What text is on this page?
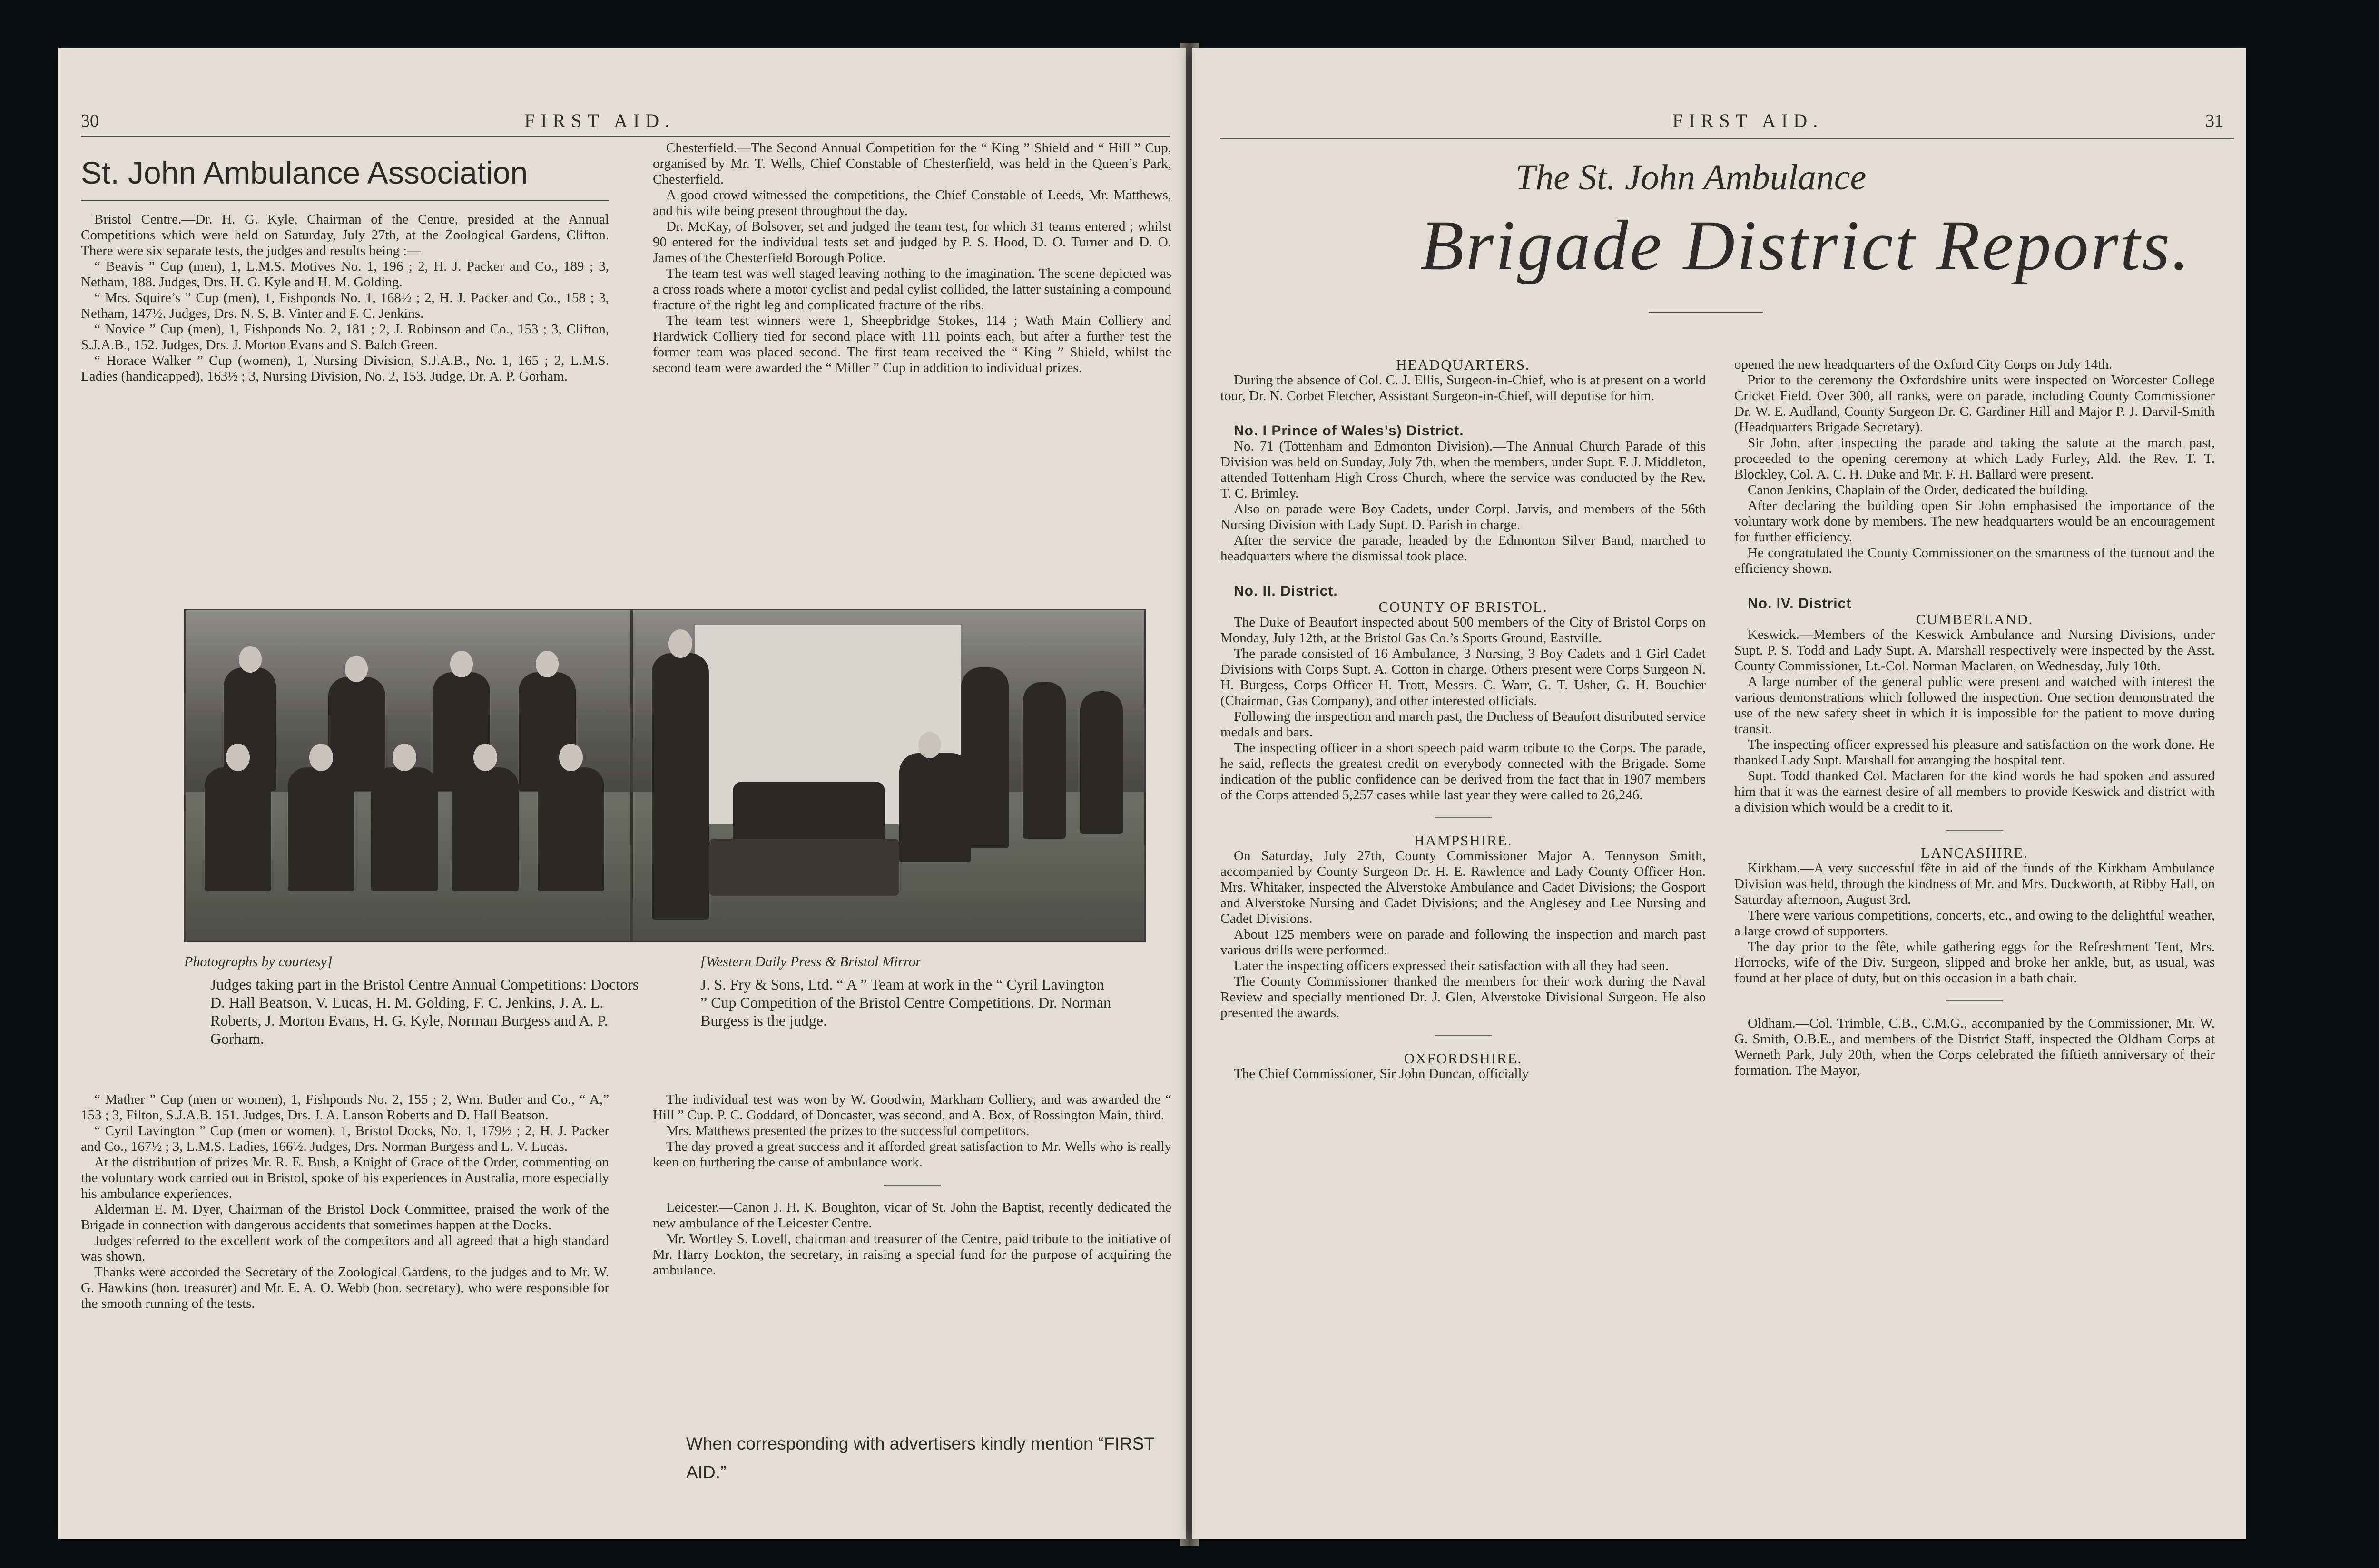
30	FIRST AID.
St. John Ambulance Association

Bristol Centre.—Dr. H. G. Kyle, Chairman of the Centre, presided at the Annual Competitions which were held on Saturday, July 27th, at the Zoological Gardens, Clifton. There were six separate tests, the judges and results being :—

“ Beavis ” Cup (men), 1, L.M.S. Motives No. 1, 196 ; 2, H. J. Packer and Co., 189 ; 3, Netham, 188. Judges, Drs. H. G. Kyle and H. M. Golding.

“ Mrs. Squire’s ” Cup (men), 1, Fishponds No. 1, 168½ ; 2, H. J. Packer and Co., 158 ; 3, Netham, 147½. Judges, Drs. N. S. B. Vinter and F. C. Jenkins.

“ Novice ” Cup (men), 1, Fishponds No. 2, 181 ; 2, J. Robinson and Co., 153 ; 3, Clifton, S.J.A.B., 152. Judges, Drs. J. Morton Evans and S. Balch Green.

“ Horace Walker ” Cup (women), 1, Nursing Division, S.J.A.B., No. 1, 165 ; 2, L.M.S. Ladies (handicapped), 163½ ; 3, Nursing Division, No. 2, 153. Judge, Dr. A. P. Gorham.

Chesterfield.—The Second Annual Competition for the “ King ” Shield and “ Hill ” Cup, organised by Mr. T. Wells, Chief Constable of Chesterfield, was held in the Queen’s Park, Chesterfield.

A good crowd witnessed the competitions, the Chief Constable of Leeds, Mr. Matthews, and his wife being present throughout the day.

Dr. McKay, of Bolsover, set and judged the team test, for which 31 teams entered ; whilst 90 entered for the individual tests set and judged by P. S. Hood, D. O. Turner and D. O. James of the Chesterfield Borough Police.

The team test was well staged leaving nothing to the imagination. The scene depicted was a cross roads where a motor cyclist and pedal cylist collided, the latter sustaining a compound fracture of the right leg and complicated fracture of the ribs.

The team test winners were 1, Sheepbridge Stokes, 114 ; Wath Main Colliery and Hardwick Colliery tied for second place with 111 points each, but after a further test the former team was placed second. The first team received the “ King ” Shield, whilst the second team were awarded the “ Miller ” Cup in addition to individual prizes.

Photographs by courtesy]	[Western Daily Press & Bristol Mirror
Judges taking part in the Bristol Centre Annual Competitions: Doctors D. Hall Beatson, V. Lucas, H. M. Golding, F. C. Jenkins, J. A. L. Roberts, J. Morton Evans, H. G. Kyle, Norman Burgess and A. P. Gorham.
J. S. Fry & Sons, Ltd. “ A ” Team at work in the “ Cyril Lavington ” Cup Competition of the Bristol Centre Competitions. Dr. Norman Burgess is the judge.

“ Mather ” Cup (men or women), 1, Fishponds No. 2, 155 ; 2, Wm. Butler and Co., “ A,” 153 ; 3, Filton, S.J.A.B. 151. Judges, Drs. J. A. Lanson Roberts and D. Hall Beatson.

“ Cyril Lavington ” Cup (men or women). 1, Bristol Docks, No. 1, 179½ ; 2, H. J. Packer and Co., 167½ ; 3, L.M.S. Ladies, 166½. Judges, Drs. Norman Burgess and L. V. Lucas.

At the distribution of prizes Mr. R. E. Bush, a Knight of Grace of the Order, commenting on the voluntary work carried out in Bristol, spoke of his experiences in Australia, more especially his ambulance experiences.

Alderman E. M. Dyer, Chairman of the Bristol Dock Committee, praised the work of the Brigade in connection with dangerous accidents that sometimes happen at the Docks.

Judges referred to the excellent work of the competitors and all agreed that a high standard was shown.

Thanks were accorded the Secretary of the Zoological Gardens, to the judges and to Mr. W. G. Hawkins (hon. treasurer) and Mr. E. A. O. Webb (hon. secretary), who were responsible for the smooth running of the tests.

The individual test was won by W. Goodwin, Markham Colliery, and was awarded the “ Hill ” Cup. P. C. Goddard, of Doncaster, was second, and A. Box, of Rossington Main, third.

Mrs. Matthews presented the prizes to the successful competitors.

The day proved a great success and it afforded great satisfaction to Mr. Wells who is really keen on furthering the cause of ambulance work.

Leicester.—Canon J. H. K. Boughton, vicar of St. John the Baptist, recently dedicated the new ambulance of the Leicester Centre.

Mr. Wortley S. Lovell, chairman and treasurer of the Centre, paid tribute to the initiative of Mr. Harry Lockton, the secretary, in raising a special fund for the purpose of acquiring the ambulance.

When corresponding with advertisers kindly mention “FIRST AID.”
FIRST AID.	31
The St. John Ambulance
Brigade District Reports.

HEADQUARTERS.

During the absence of Col. C. J. Ellis, Surgeon-in-Chief, who is at present on a world tour, Dr. N. Corbet Fletcher, Assistant Surgeon-in-Chief, will deputise for him.

No. I Prince of Wales’s) District.

No. 71 (Tottenham and Edmonton Division).—The Annual Church Parade of this Division was held on Sunday, July 7th, when the members, under Supt. F. J. Middleton, attended Tottenham High Cross Church, where the service was conducted by the Rev. T. C. Brimley.

Also on parade were Boy Cadets, under Corpl. Jarvis, and members of the 56th Nursing Division with Lady Supt. D. Parish in charge.

After the service the parade, headed by the Edmonton Silver Band, marched to headquarters where the dismissal took place.

No. II. District.

COUNTY OF BRISTOL.

The Duke of Beaufort inspected about 500 members of the City of Bristol Corps on Monday, July 12th, at the Bristol Gas Co.’s Sports Ground, Eastville.

The parade consisted of 16 Ambulance, 3 Nursing, 3 Boy Cadets and 1 Girl Cadet Divisions with Corps Supt. A. Cotton in charge. Others present were Corps Surgeon N. H. Burgess, Corps Officer H. Trott, Messrs. C. Warr, G. T. Usher, G. H. Bouchier (Chairman, Gas Company), and other interested officials.

Following the inspection and march past, the Duchess of Beaufort distributed service medals and bars.

The inspecting officer in a short speech paid warm tribute to the Corps. The parade, he said, reflects the greatest credit on everybody connected with the Brigade. Some indication of the public confidence can be derived from the fact that in 1907 members of the Corps attended 5,257 cases while last year they were called to 26,246.

HAMPSHIRE.

On Saturday, July 27th, County Commissioner Major A. Tennyson Smith, accompanied by County Surgeon Dr. H. E. Rawlence and Lady County Officer Hon. Mrs. Whitaker, inspected the Alverstoke Ambulance and Cadet Divisions; the Gosport and Alverstoke Nursing and Cadet Divisions; and the Anglesey and Lee Nursing and Cadet Divisions.

About 125 members were on parade and following the inspection and march past various drills were performed.

Later the inspecting officers expressed their satisfaction with all they had seen.

The County Commissioner thanked the members for their work during the Naval Review and specially mentioned Dr. J. Glen, Alverstoke Divisional Surgeon. He also presented the awards.

OXFORDSHIRE.

The Chief Commissioner, Sir John Duncan, officially

opened the new headquarters of the Oxford City Corps on July 14th.

Prior to the ceremony the Oxfordshire units were inspected on Worcester College Cricket Field. Over 300, all ranks, were on parade, including County Commissioner Dr. W. E. Audland, County Surgeon Dr. C. Gardiner Hill and Major P. J. Darvil-Smith (Headquarters Brigade Secretary).

Sir John, after inspecting the parade and taking the salute at the march past, proceeded to the opening ceremony at which Lady Furley, Ald. the Rev. T. T. Blockley, Col. A. C. H. Duke and Mr. F. H. Ballard were present.

Canon Jenkins, Chaplain of the Order, dedicated the building.

After declaring the building open Sir John emphasised the importance of the voluntary work done by members. The new headquarters would be an encouragement for further efficiency.

He congratulated the County Commissioner on the smartness of the turnout and the efficiency shown.

No. IV. District

CUMBERLAND.

Keswick.—Members of the Keswick Ambulance and Nursing Divisions, under Supt. P. S. Todd and Lady Supt. A. Marshall respectively were inspected by the Asst. County Commissioner, Lt.-Col. Norman Maclaren, on Wednesday, July 10th.

A large number of the general public were present and watched with interest the various demonstrations which followed the inspection. One section demonstrated the use of the new safety sheet in which it is impossible for the patient to move during transit.

The inspecting officer expressed his pleasure and satisfaction on the work done. He thanked Lady Supt. Marshall for arranging the hospital tent.

Supt. Todd thanked Col. Maclaren for the kind words he had spoken and assured him that it was the earnest desire of all members to provide Keswick and district with a division which would be a credit to it.

LANCASHIRE.

Kirkham.—A very successful fête in aid of the funds of the Kirkham Ambulance Division was held, through the kindness of Mr. and Mrs. Duckworth, at Ribby Hall, on Saturday afternoon, August 3rd.

There were various competitions, concerts, etc., and owing to the delightful weather, a large crowd of supporters.

The day prior to the fête, while gathering eggs for the Refreshment Tent, Mrs. Horrocks, wife of the Div. Surgeon, slipped and broke her ankle, but, as usual, was found at her place of duty, but on this occasion in a bath chair.

Oldham.—Col. Trimble, C.B., C.M.G., accompanied by the Commissioner, Mr. W. G. Smith, O.B.E., and members of the District Staff, inspected the Oldham Corps at Werneth Park, July 20th, when the Corps celebrated the fiftieth anniversary of their formation. The Mayor,
